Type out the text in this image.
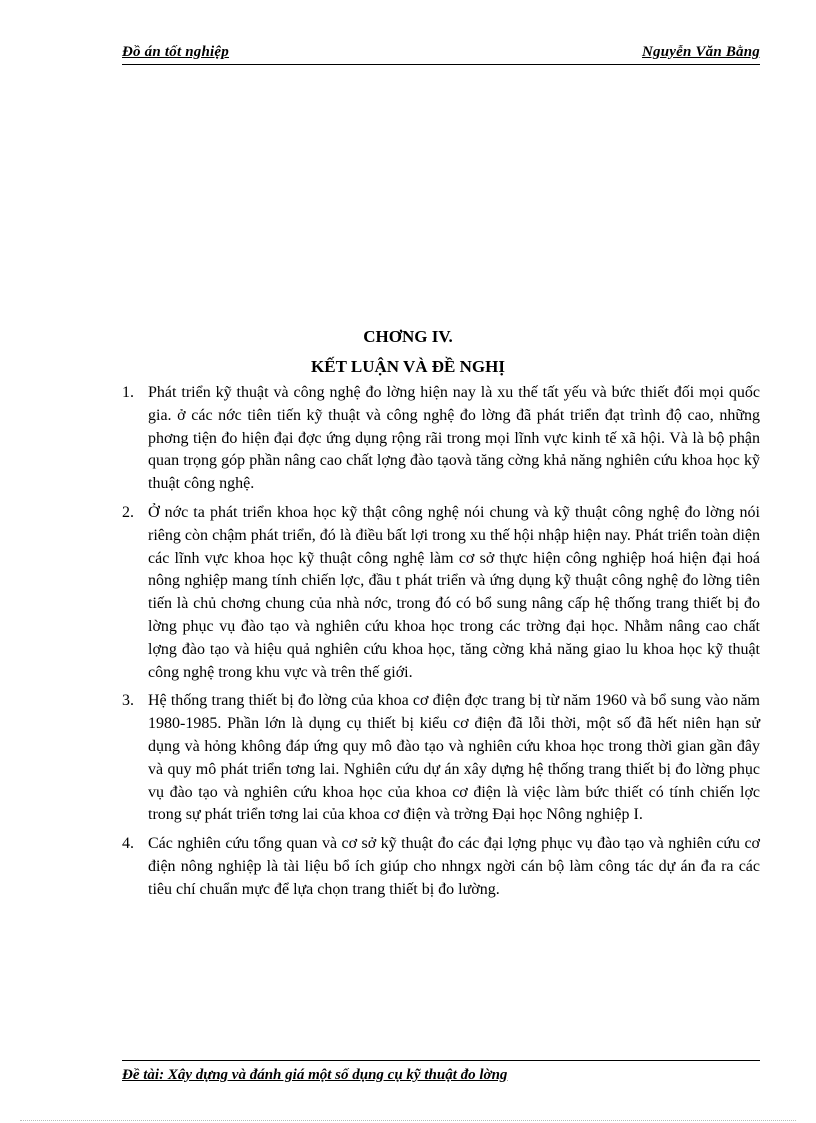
Đồ án tốt nghiệp	Nguyễn Văn Bằng
CHƠNG IV.
KẾT LUẬN VÀ ĐỀ NGHỊ
1. Phát triển kỹ thuật và công nghệ đo lờng hiện nay là xu thế tất yếu và bức thiết đối mọi quốc gia. ở các nớc tiên tiến kỹ thuật và công nghệ đo lờng đã phát triển đạt trình độ cao, những phơng tiện đo hiện đại đợc ứng dụng rộng rãi trong mọi lĩnh vực kinh tế xã hội. Và là bộ phận quan trọng góp phần nâng cao chất lợng đào tạovà tăng cờng khả năng nghiên cứu khoa học kỹ thuật công nghệ.
2. Ở nớc ta phát triển khoa học kỹ thật công nghệ nói chung và kỹ thuật công nghệ đo lờng nói riêng còn chậm phát triển, đó là điều bất lợi trong xu thế hội nhập hiện nay. Phát triển toàn diện các lĩnh vực khoa học kỹ thuật công nghệ làm cơ sở thực hiện công nghiệp hoá hiện đại hoá nông nghiệp mang tính chiến lợc, đầu t phát triển và ứng dụng kỹ thuật công nghệ đo lờng tiên tiến là chủ chơng chung của nhà nớc, trong đó có bổ sung nâng cấp hệ thống trang thiết bị đo lờng phục vụ đào tạo và nghiên cứu khoa học trong các trờng đại học. Nhằm nâng cao chất lợng đào tạo và hiệu quả nghiên cứu khoa học, tăng cờng khả năng giao lu khoa học kỹ thuật công nghệ trong khu vực và trên thế giới.
3. Hệ thống trang thiết bị đo lờng của khoa cơ điện đợc trang bị từ năm 1960 và bổ sung vào năm 1980-1985. Phần lớn là dụng cụ thiết bị kiểu cơ điện đã lỗi thời, một số đã hết niên hạn sử dụng và hỏng không đáp ứng quy mô đào tạo và nghiên cứu khoa học trong thời gian gần đây và quy mô phát triển tơng lai. Nghiên cứu dự án xây dựng hệ thống trang thiết bị đo lờng phục vụ đào tạo và nghiên cứu khoa học của khoa cơ điện là việc làm bức thiết có tính chiến lợc trong sự phát triển tơng lai của khoa cơ điện và trờng Đại học Nông nghiệp I.
4. Các nghiên cứu tổng quan và cơ sở kỹ thuật đo các đại lợng phục vụ đào tạo và nghiên cứu cơ điện nông nghiệp là tài liệu bổ ích giúp cho nhngx ngời cán bộ làm công tác dự án đa ra các tiêu chí chuẩn mực để lựa chọn trang thiết bị đo lường.
Đề tài: Xây dựng và đánh giá một số dụng cụ kỹ thuật đo lờng
